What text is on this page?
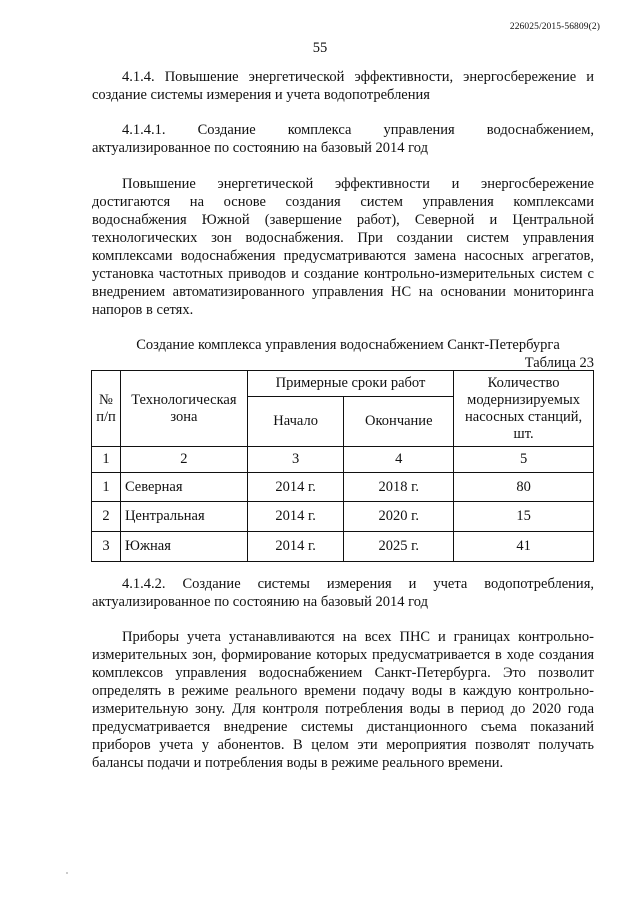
226025/2015-56809(2)
55
4.1.4. Повышение энергетической эффективности, энергосбережение и создание системы измерения и учета водопотребления
4.1.4.1. Создание комплекса управления водоснабжением, актуализированное по состоянию на базовый 2014 год
Повышение энергетической эффективности и энергосбережение достигаются на основе создания систем управления комплексами водоснабжения Южной (завершение работ), Северной и Центральной технологических зон водоснабжения. При создании систем управления комплексами водоснабжения предусматриваются замена насосных агрегатов, установка частотных приводов и создание контрольно-измерительных систем с внедрением автоматизированного управления НС на основании мониторинга напоров в сетях.
Создание комплекса управления водоснабжением Санкт-Петербурга
Таблица 23
№ п/п	Технологическая зона	Примерные сроки работ		Количество модернизируемых насосных станций, шт.
		Начало	Окончание	
1	2	3	4	5
1	Северная	2014 г.	2018 г.	80
2	Центральная	2014 г.	2020 г.	15
3	Южная	2014 г.	2025 г.	41
4.1.4.2. Создание системы измерения и учета водопотребления, актуализированное по состоянию на базовый 2014 год
Приборы учета устанавливаются на всех ПНС и границах контрольно-измерительных зон, формирование которых предусматривается в ходе создания комплексов управления водоснабжением Санкт-Петербурга. Это позволит определять в режиме реального времени подачу воды в каждую контрольно-измерительную зону. Для контроля потребления воды в период до 2020 года предусматривается внедрение системы дистанционного съема показаний приборов учета у абонентов. В целом эти мероприятия позволят получать балансы подачи и потребления воды в режиме реального времени.
